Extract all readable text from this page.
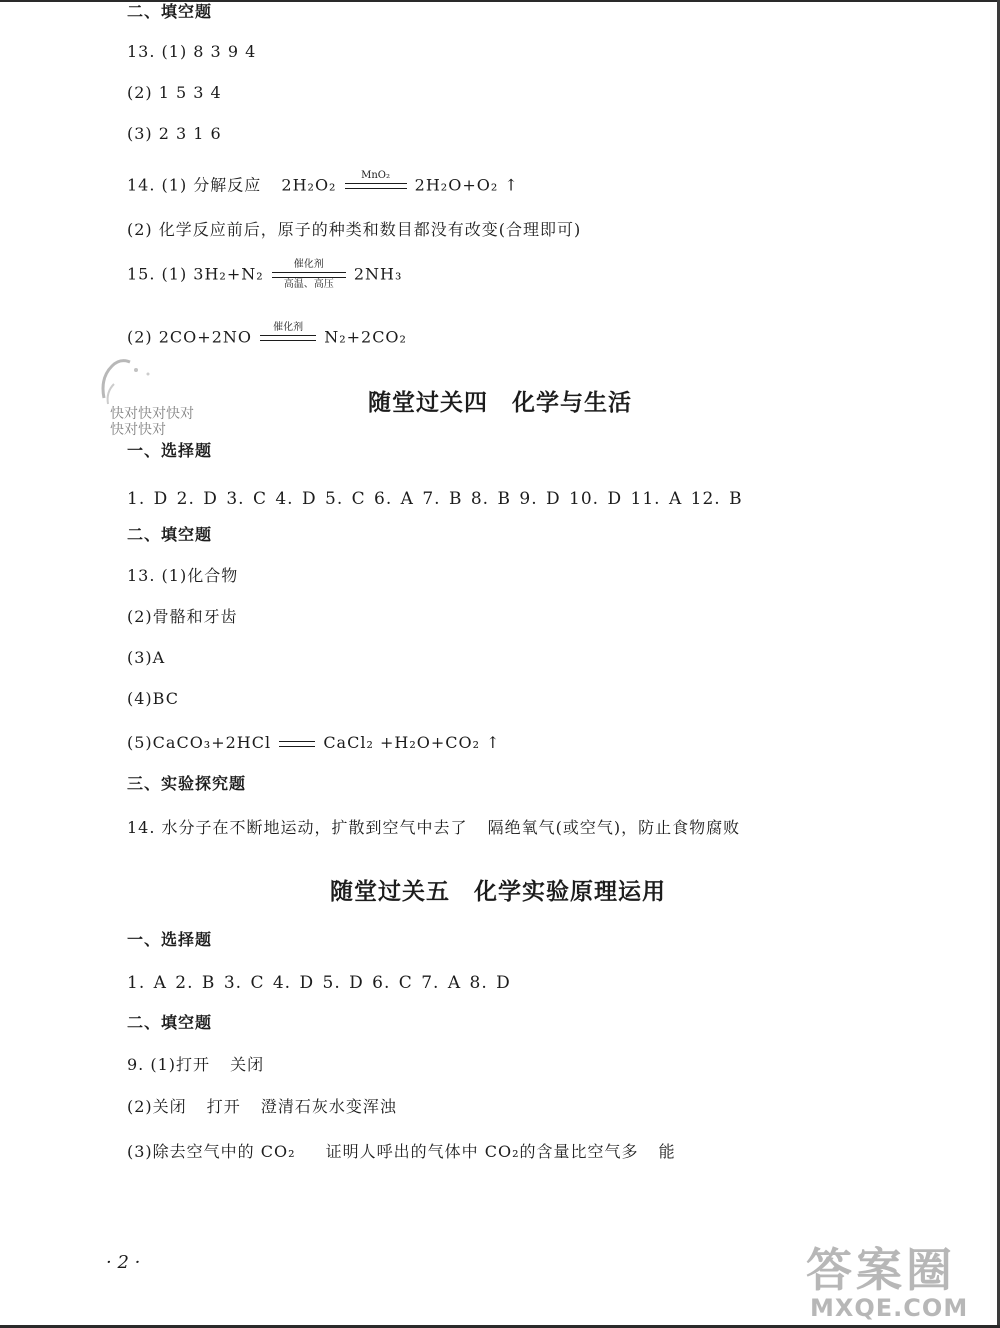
二、填空题
13. (1) 8 3 9 4
(2) 1 5 3 4
(3) 2 3 1 6
14. (1) 分解反应 2H₂O₂	MnO₂
	2H₂O+O₂ ↑
(2) 化学反应前后，原子的种类和数目都没有改变(合理即可)
15. (1) 3H₂+N₂	催化剂
高温、高压
2NH₃
(2) 2CO+2NO	催化剂
	N₂+2CO₂
快对快对快对
快对快对
随堂过关四　化学与生活
一、选择题
1. D 2. D 3. C 4. D 5. C 6. A 7. B 8. B 9. D 10. D 11. A 12. B
二、填空题
13. (1)化合物
(2)骨骼和牙齿
(3)A
(4)BC
(5)CaCO₃+2HCl	CaCl₂ +H₂O+CO₂ ↑
三、实验探究题
14. 水分子在不断地运动，扩散到空气中去了 隔绝氧气(或空气)，防止食物腐败
随堂过关五　化学实验原理运用
一、选择题
1. A 2. B 3. C 4. D 5. D 6. C 7. A 8. D
二、填空题
9. (1)打开 关闭
(2)关闭 打开 澄清石灰水变浑浊
(3)除去空气中的 CO₂ 证明人呼出的气体中 CO₂的含量比空气多 能
· 2 ·	答案圈
MXQE.COM
